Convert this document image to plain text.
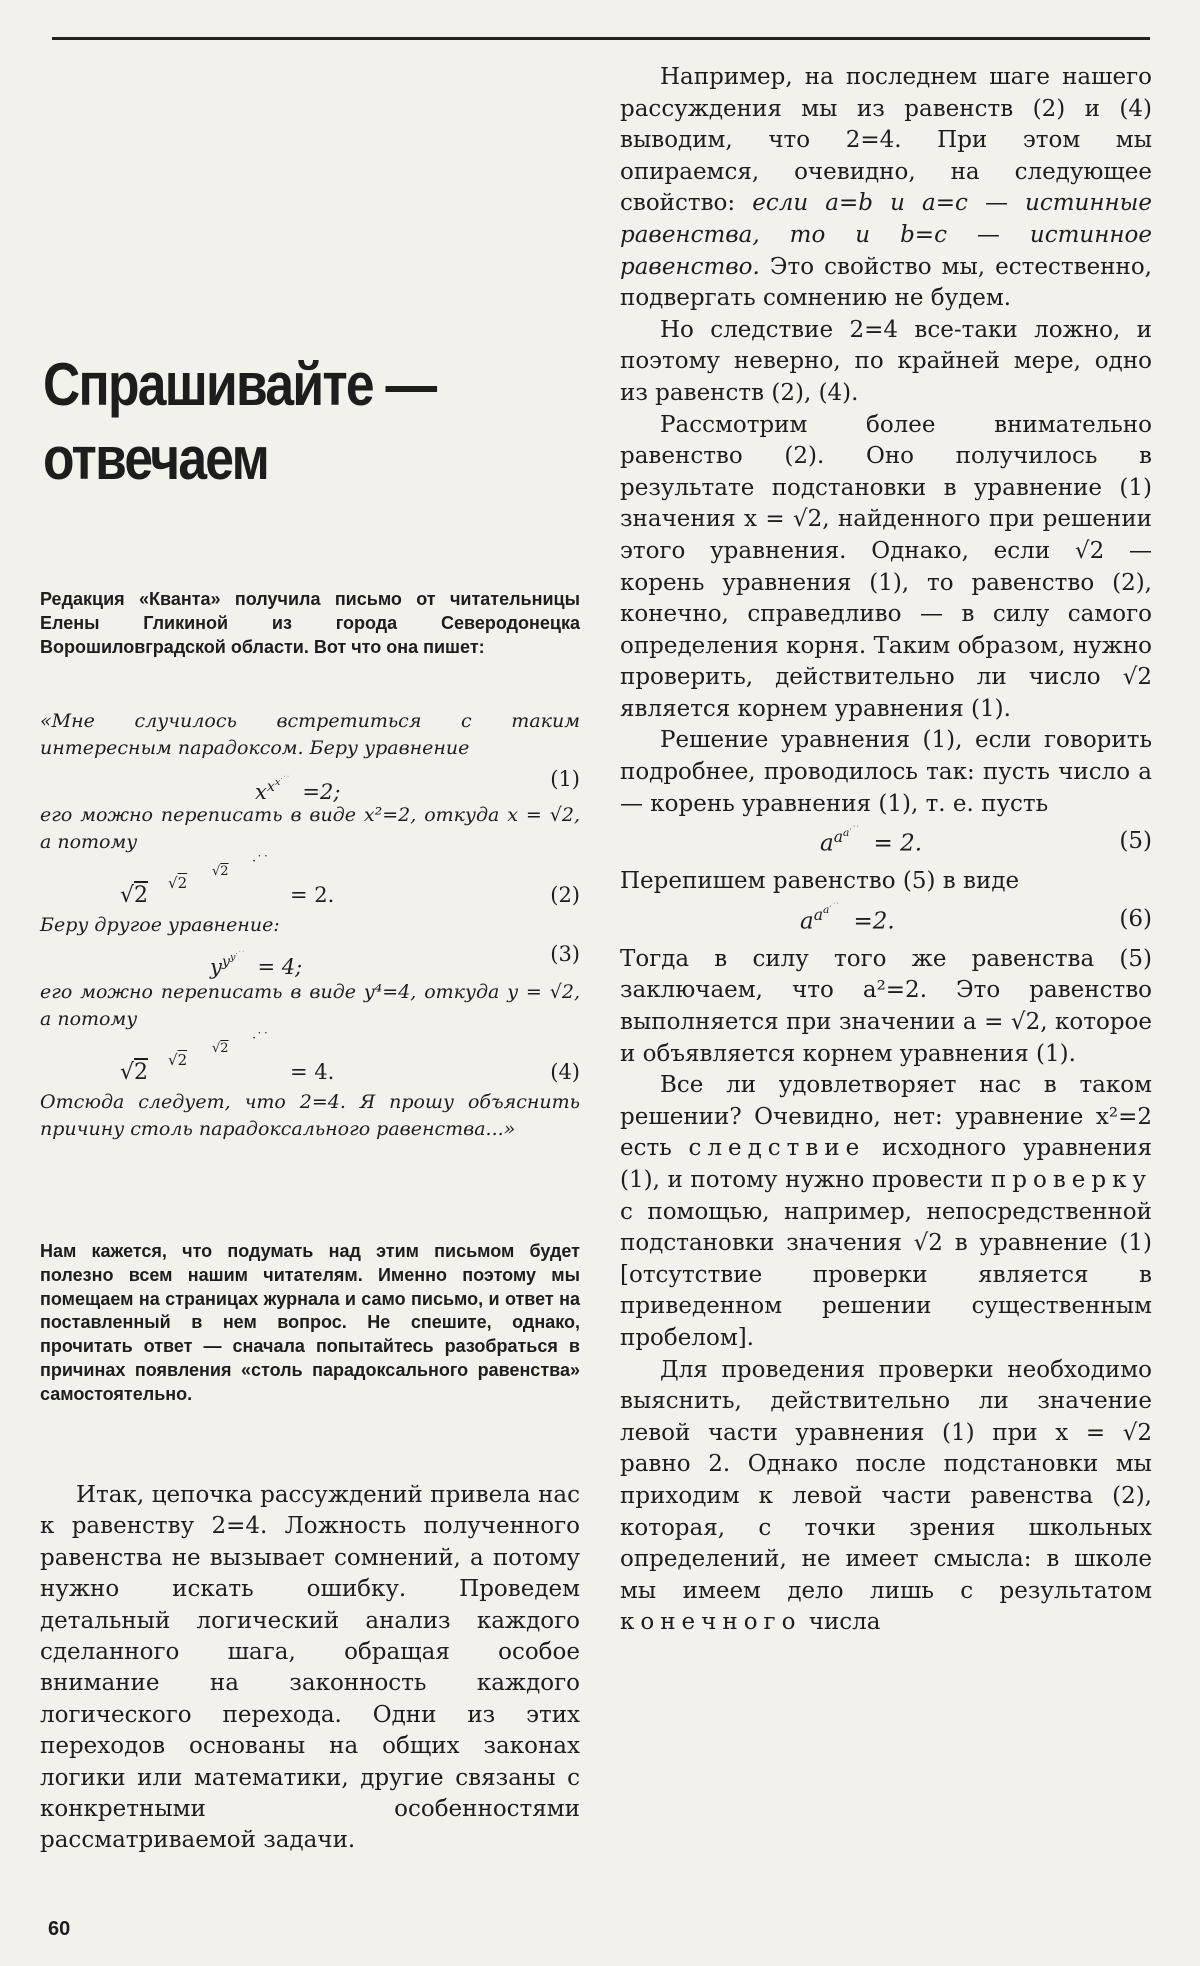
Спрашивайте —
отвечаем

Редакция «Кванта» получила письмо от читательницы Елены Гликиной из города Северодонецка Ворошиловградской области. Вот что она пишет:

«Мне случилось встретиться с таким интересным парадоксом. Беру уравнение

$x^{x^{x^{\cdot˙˙}}} =2$;
(1)

его можно переписать в виде x²=2, откуда x = √2, а потому

√ 2 √ 2
√ 2
·˙˙
= 2.	(2)

Беру другое уравнение:

$y^{y^{y^{\cdot˙˙}}} = 4$;
(3)

его можно переписать в виде y⁴=4, откуда y = √2, а потому

√ 2 √ 2
√ 2
·˙˙
= 4.	(4)

Отсюда следует, что 2=4. Я прошу объяснить причину столь парадоксального равенства...»

Нам кажется, что подумать над этим письмом будет полезно всем нашим читателям. Именно поэтому мы помещаем на страницах журнала и само письмо, и ответ на поставленный в нем вопрос. Не спешите, однако, прочитать ответ — сначала попытайтесь разобраться в причинах появления «столь парадоксального равенства» самостоятельно.

Итак, цепочка рассуждений привела нас к равенству 2=4. Ложность полученного равенства не вызывает сомнений, а потому нужно искать ошибку. Проведем детальный логический анализ каждого сделанного шага, обращая особое внимание на законность каждого логического перехода. Одни из этих переходов основаны на общих законах логики или математики, другие связаны с конкретными особенностями рассматриваемой задачи.

Например, на последнем шаге нашего рассуждения мы из равенств (2) и (4) выводим, что 2=4. При этом мы опираемся, очевидно, на следующее свойство: если a=b и a=c — истинные равенства, то и b=c — истинное равенство. Это свойство мы, естественно, подвергать сомнению не будем.

Но следствие 2=4 все-таки ложно, и поэтому неверно, по крайней мере, одно из равенств (2), (4).

Рассмотрим более внимательно равенство (2). Оно получилось в результате подстановки в уравнение (1) значения x = √2, найденного при решении этого уравнения. Однако, если √2 — корень уравнения (1), то равенство (2), конечно, справедливо — в силу самого определения корня. Таким образом, нужно проверить, действительно ли число √2 является корнем уравнения (1).

Решение уравнения (1), если говорить подробнее, проводилось так: пусть число a — корень уравнения (1), т. е. пусть

$a^{a^{a^{\cdot˙˙}}} = 2$.	(5)

Перепишем равенство (5) в виде

$a^{a^{a^{\cdot˙˙}}} =2$.	(6)

Тогда в силу того же равенства (5) заключаем, что a²=2. Это равенство выполняется при значении a = √2, которое и объявляется корнем уравнения (1).

Все ли удовлетворяет нас в таком решении? Очевидно, нет: уравнение x²=2 есть следствие исходного уравнения (1), и потому нужно провести проверку с помощью, например, непосредственной подстановки значения √2 в уравнение (1) [отсутствие проверки является в приведенном решении существенным пробелом].

Для проведения проверки необходимо выяснить, действительно ли значение левой части уравнения (1) при x = √2 равно 2. Однако после подстановки мы приходим к левой части равенства (2), которая, с точки зрения школьных определений, не имеет смысла: в школе мы имеем дело лишь с результатом конечного числа

60
